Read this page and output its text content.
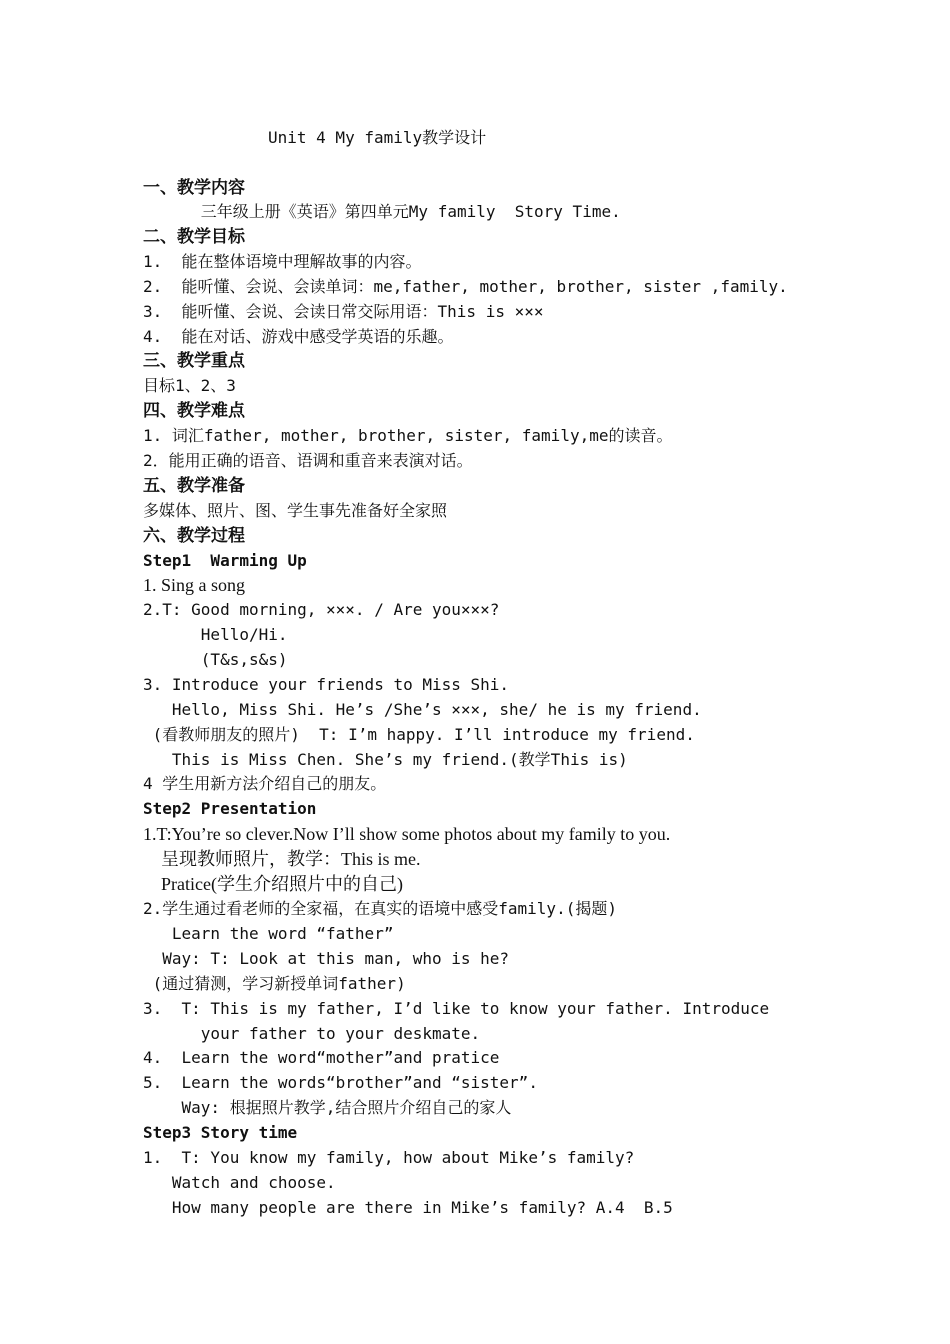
Unit 4 My family教学设计
一、教学内容
三年级上册《英语》第四单元My family  Story Time.
二、教学目标
1.  能在整体语境中理解故事的内容。
2.  能听懂、会说、会读单词：me,father, mother, brother, sister ,family.
3.  能听懂、会说、会读日常交际用语：This is ×××
4.  能在对话、游戏中感受学英语的乐趣。
三、教学重点
目标1、2、3
四、教学难点
1. 词汇father, mother, brother, sister, family,me的读音。
2．能用正确的语音、语调和重音来表演对话。
五、教学准备
多媒体、照片、图、学生事先准备好全家照
六、教学过程
Step1  Warming Up
1. Sing a song
2.T: Good morning, ×××. / Are you×××?
Hello/Hi.
(T&s,s&s)
3. Introduce your friends to Miss Shi.
Hello, Miss Shi. He’s /She’s ×××, she/ he is my friend.
(看教师朋友的照片)  T: I’m happy. I’ll introduce my friend.
This is Miss Chen. She’s my friend.(教学This is)
4 学生用新方法介绍自己的朋友。
Step2 Presentation
1.T:You’re so clever.Now I’ll show some photos about my family to you.
呈现教师照片，教学：This is me.
Pratice(学生介绍照片中的自己)
2.学生通过看老师的全家福，在真实的语境中感受family.(揭题)
Learn the word “father”
Way: T: Look at this man, who is he?
(通过猜测，学习新授单词father)
3.  T: This is my father, I’d like to know your father. Introduce
your father to your deskmate.
4.  Learn the word“mother”and pratice
5.  Learn the words“brother”and “sister”.
Way: 根据照片教学,结合照片介绍自己的家人
Step3 Story time
1.  T: You know my family, how about Mike’s family?
Watch and choose.
How many people are there in Mike’s family? A.4  B.5
